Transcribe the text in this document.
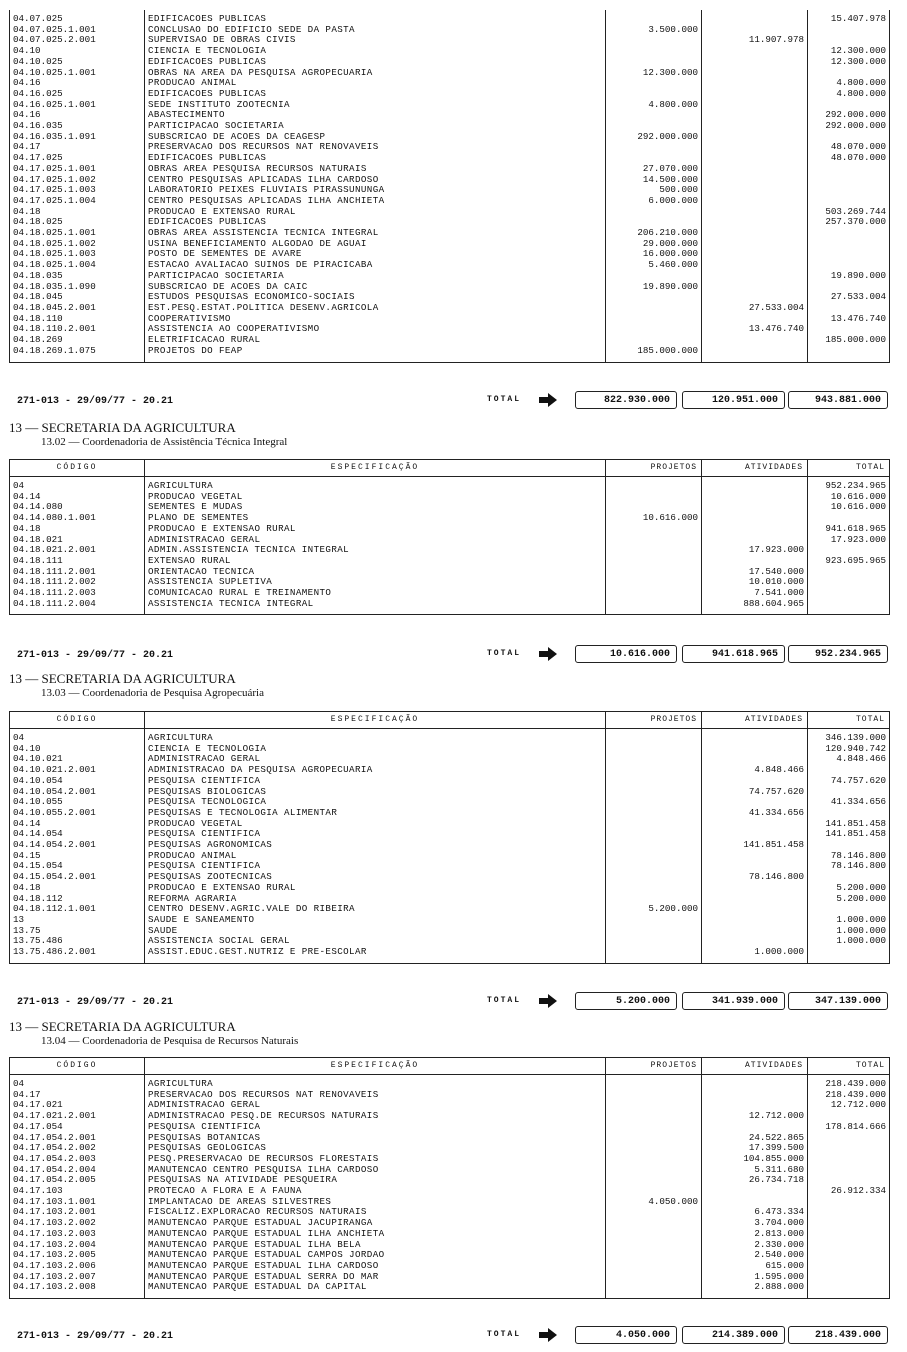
04.07.025	EDIFICACOES PUBLICAS			15.407.978
04.07.025.1.001	CONCLUSAO DO EDIFICIO SEDE DA PASTA	3.500.000		
04.07.025.2.001	SUPERVISAO DE OBRAS CIVIS		11.907.978	
04.10	CIENCIA E TECNOLOGIA			12.300.000
04.10.025	EDIFICACOES PUBLICAS			12.300.000
04.10.025.1.001	OBRAS NA AREA DA PESQUISA AGROPECUARIA	12.300.000		
04.16	PRODUCAO ANIMAL			4.800.000
04.16.025	EDIFICACOES PUBLICAS			4.800.000
04.16.025.1.001	SEDE INSTITUTO ZOOTECNIA	4.800.000		
04.16	ABASTECIMENTO			292.000.000
04.16.035	PARTICIPACAO SOCIETARIA			292.000.000
04.16.035.1.091	SUBSCRICAO DE ACOES DA CEAGESP	292.000.000		
04.17	PRESERVACAO DOS RECURSOS NAT RENOVAVEIS			48.070.000
04.17.025	EDIFICACOES PUBLICAS			48.070.000
04.17.025.1.001	OBRAS AREA PESQUISA RECURSOS NATURAIS	27.070.000		
04.17.025.1.002	CENTRO PESQUISAS APLICADAS ILHA CARDOSO	14.500.000		
04.17.025.1.003	LABORATORIO PEIXES FLUVIAIS PIRASSUNUNGA	500.000		
04.17.025.1.004	CENTRO PESQUISAS APLICADAS ILHA ANCHIETA	6.000.000		
04.18	PRODUCAO E EXTENSAO RURAL			503.269.744
04.18.025	EDIFICACOES PUBLICAS			257.370.000
04.18.025.1.001	OBRAS AREA ASSISTENCIA TECNICA INTEGRAL	206.210.000		
04.18.025.1.002	USINA BENEFICIAMENTO ALGODAO DE AGUAI	29.000.000		
04.18.025.1.003	POSTO DE SEMENTES DE AVARE	16.000.000		
04.18.025.1.004	ESTACAO AVALIACAO SUINOS DE PIRACICABA	5.460.000		
04.18.035	PARTICIPACAO SOCIETARIA			19.890.000
04.18.035.1.090	SUBSCRICAO DE ACOES DA CAIC	19.890.000		
04.18.045	ESTUDOS PESQUISAS ECONOMICO-SOCIAIS			27.533.004
04.18.045.2.001	EST.PESQ.ESTAT.POLITICA DESENV.AGRICOLA		27.533.004	
04.18.110	COOPERATIVISMO			13.476.740
04.18.110.2.001	ASSISTENCIA AO COOPERATIVISMO		13.476.740	
04.18.269	ELETRIFICACAO RURAL			185.000.000
04.18.269.1.075	PROJETOS DO FEAP	185.000.000		
271-013 - 29/09/77 - 20.21	TOTAL	822.930.000	120.951.000	943.881.000
13 — SECRETARIA DA AGRICULTURA
13.02 — Coordenadoria de Assistência Técnica Integral
CÓDIGO	ESPECIFICAÇÃO	PROJETOS	ATIVIDADES	TOTAL
04	AGRICULTURA			952.234.965
04.14	PRODUCAO VEGETAL			10.616.000
04.14.080	SEMENTES E MUDAS			10.616.000
04.14.080.1.001	PLANO DE SEMENTES	10.616.000		
04.18	PRODUCAO E EXTENSAO RURAL			941.618.965
04.18.021	ADMINISTRACAO GERAL			17.923.000
04.18.021.2.001	ADMIN.ASSISTENCIA TECNICA INTEGRAL		17.923.000	
04.18.111	EXTENSAO RURAL			923.695.965
04.18.111.2.001	ORIENTACAO TECNICA		17.540.000	
04.18.111.2.002	ASSISTENCIA SUPLETIVA		10.010.000	
04.18.111.2.003	COMUNICACAO RURAL E TREINAMENTO		7.541.000	
04.18.111.2.004	ASSISTENCIA TECNICA INTEGRAL		888.604.965	
271-013 - 29/09/77 - 20.21	TOTAL	10.616.000	941.618.965	952.234.965
13 — SECRETARIA DA AGRICULTURA
13.03 — Coordenadoria de Pesquisa Agropecuária
CÓDIGO	ESPECIFICAÇÃO	PROJETOS	ATIVIDADES	TOTAL
04	AGRICULTURA			346.139.000
04.10	CIENCIA E TECNOLOGIA			120.940.742
04.10.021	ADMINISTRACAO GERAL			4.848.466
04.10.021.2.001	ADMINISTRACAO DA PESQUISA AGROPECUARIA		4.848.466	
04.10.054	PESQUISA CIENTIFICA			74.757.620
04.10.054.2.001	PESQUISAS BIOLOGICAS		74.757.620	
04.10.055	PESQUISA TECNOLOGICA			41.334.656
04.10.055.2.001	PESQUISAS E TECNOLOGIA ALIMENTAR		41.334.656	
04.14	PRODUCAO VEGETAL			141.851.458
04.14.054	PESQUISA CIENTIFICA			141.851.458
04.14.054.2.001	PESQUISAS AGRONOMICAS		141.851.458	
04.15	PRODUCAO ANIMAL			78.146.800
04.15.054	PESQUISA CIENTIFICA			78.146.800
04.15.054.2.001	PESQUISAS ZOOTECNICAS		78.146.800	
04.18	PRODUCAO E EXTENSAO RURAL			5.200.000
04.18.112	REFORMA AGRARIA			5.200.000
04.18.112.1.001	CENTRO DESENV.AGRIC.VALE DO RIBEIRA	5.200.000		
13	SAUDE E SANEAMENTO			1.000.000
13.75	SAUDE			1.000.000
13.75.486	ASSISTENCIA SOCIAL GERAL			1.000.000
13.75.486.2.001	ASSIST.EDUC.GEST.NUTRIZ E PRE-ESCOLAR		1.000.000	
271-013 - 29/09/77 - 20.21	TOTAL	5.200.000	341.939.000	347.139.000
13 — SECRETARIA DA AGRICULTURA
13.04 — Coordenadoria de Pesquisa de Recursos Naturais
CÓDIGO	ESPECIFICAÇÃO	PROJETOS	ATIVIDADES	TOTAL
04	AGRICULTURA			218.439.000
04.17	PRESERVACAO DOS RECURSOS NAT RENOVAVEIS			218.439.000
04.17.021	ADMINISTRACAO GERAL			12.712.000
04.17.021.2.001	ADMINISTRACAO PESQ.DE RECURSOS NATURAIS		12.712.000	
04.17.054	PESQUISA CIENTIFICA			178.814.666
04.17.054.2.001	PESQUISAS BOTANICAS		24.522.865	
04.17.054.2.002	PESQUISAS GEOLOGICAS		17.399.500	
04.17.054.2.003	PESQ.PRESERVACAO DE RECURSOS FLORESTAIS		104.855.000	
04.17.054.2.004	MANUTENCAO CENTRO PESQUISA ILHA CARDOSO		5.311.680	
04.17.054.2.005	PESQUISAS NA ATIVIDADE PESQUEIRA		26.734.718	
04.17.103	PROTECAO A FLORA E A FAUNA			26.912.334
04.17.103.1.001	IMPLANTACAO DE AREAS SILVESTRES	4.050.000		
04.17.103.2.001	FISCALIZ.EXPLORACAO RECURSOS NATURAIS		6.473.334	
04.17.103.2.002	MANUTENCAO PARQUE ESTADUAL JACUPIRANGA		3.704.000	
04.17.103.2.003	MANUTENCAO PARQUE ESTADUAL ILHA ANCHIETA		2.813.000	
04.17.103.2.004	MANUTENCAO PARQUE ESTADUAL ILHA BELA		2.330.000	
04.17.103.2.005	MANUTENCAO PARQUE ESTADUAL CAMPOS JORDAO		2.540.000	
04.17.103.2.006	MANUTENCAO PARQUE ESTADUAL ILHA CARDOSO		615.000	
04.17.103.2.007	MANUTENCAO PARQUE ESTADUAL SERRA DO MAR		1.595.000	
04.17.103.2.008	MANUTENCAO PARQUE ESTADUAL DA CAPITAL		2.888.000	
271-013 - 29/09/77 - 20.21	TOTAL	4.050.000	214.389.000	218.439.000
